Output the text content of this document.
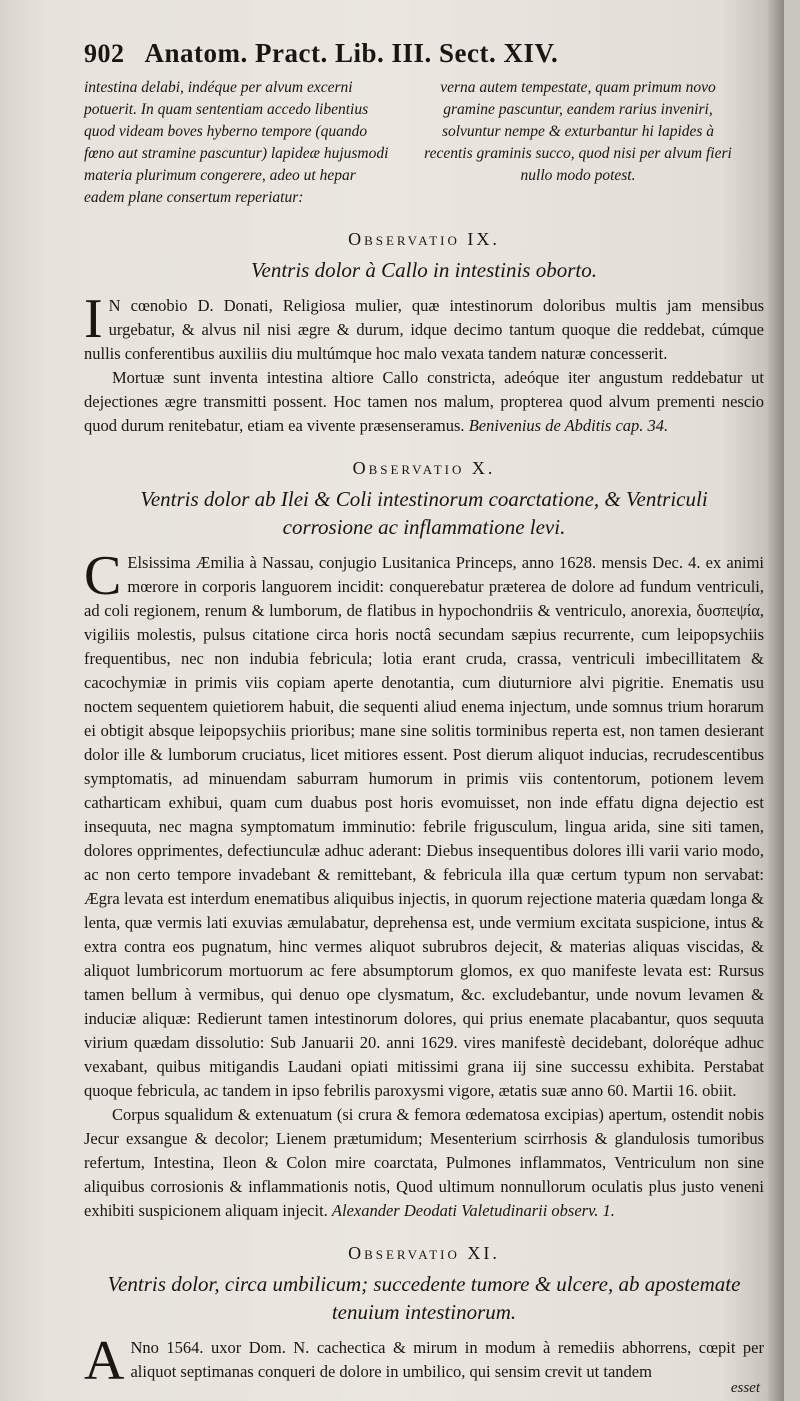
902 Anatom. Pract. Lib. III. Sect. XIV.
intestina delabi, indéque per alvum excerni potuerit. In quam sententiam accedo libentius quod videam boves hyberno tempore (quando fœno aut stramine pascuntur) lapideæ hujusmodi materia plurimum congerere, adeo ut hepar eadem plane consertum reperiatur:
verna autem tempestate, quam primum novo gramine pascuntur, eandem rarius inveniri, solvuntur nempe & exturbantur hi lapides à recentis graminis succo, quod nisi per alvum fieri nullo modo potest.
Observatio IX.
Ventris dolor à Callo in intestinis oborto.

I N cœnobio D. Donati, Religiosa mulier, quæ intestinorum doloribus multis jam mensibus urgebatur, & alvus nil nisi ægre & durum, idque decimo tantum quoque die reddebat, cúmque nullis conferentibus auxiliis diu multúmque hoc malo vexata tandem naturæ concesserit.

Mortuæ sunt inventa intestina altiore Callo constricta, adeóque iter angustum reddebatur ut dejectiones ægre transmitti possent. Hoc tamen nos malum, propterea quod alvum prementi nescio quod durum renitebatur, etiam ea vivente præsenseramus. Benivenius de Abditis cap. 34.

Observatio X.
Ventris dolor ab Ilei & Coli intestinorum coarctatione, & Ventriculi corrosione ac inflammatione levi.

C Elsissima Æmilia à Nassau, conjugio Lusitanica Princeps, anno 1628. mensis Dec. 4. ex animi mœrore in corporis languorem incidit: conquerebatur præterea de dolore ad fundum ventriculi, ad coli regionem, renum & lumborum, de flatibus in hypochondriis & ventriculo, anorexia, δυσπεψία, vigiliis molestis, pulsus citatione circa horis noctâ secundam sæpius recurrente, cum leipopsychiis frequentibus, nec non indubia febricula; lotia erant cruda, crassa, ventriculi imbecillitatem & cacochymiæ in primis viis copiam aperte denotantia, cum diuturniore alvi pigritie. Enematis usu noctem sequentem quietiorem habuit, die sequenti aliud enema injectum, unde somnus trium horarum ei obtigit absque leipopsychiis prioribus; mane sine solitis torminibus reperta est, non tamen desierant dolor ille & lumborum cruciatus, licet mitiores essent. Post dierum aliquot inducias, recrudescentibus symptomatis, ad minuendam saburram humorum in primis viis contentorum, potionem levem catharticam exhibui, quam cum duabus post horis evomuisset, non inde effatu digna dejectio est insequuta, nec magna symptomatum imminutio: febrile frigusculum, lingua arida, sine siti tamen, dolores opprimentes, defectiunculæ adhuc aderant: Diebus insequentibus dolores illi varii vario modo, ac non certo tempore invadebant & remittebant, & febricula illa quæ certum typum non servabat: Ægra levata est interdum enematibus aliquibus injectis, in quorum rejectione materia quædam longa & lenta, quæ vermis lati exuvias æmulabatur, deprehensa est, unde vermium excitata suspicione, intus & extra contra eos pugnatum, hinc vermes aliquot subrubros dejecit, & materias aliquas viscidas, & aliquot lumbricorum mortuorum ac fere absumptorum glomos, ex quo manifeste levata est: Rursus tamen bellum à vermibus, qui denuo ope clysmatum, &c. excludebantur, unde novum levamen & induciæ aliquæ: Redierunt tamen intestinorum dolores, qui prius enemate placabantur, quos sequuta virium quædam dissolutio: Sub Januarii 20. anni 1629. vires manifestè decidebant, doloréque adhuc vexabant, quibus mitigandis Laudani opiati mitissimi grana iij sine successu exhibita. Perstabat quoque febricula, ac tandem in ipso febrilis paroxysmi vigore, ætatis suæ anno 60. Martii 16. obiit.

Corpus squalidum & extenuatum (si crura & femora œdematosa excipias) apertum, ostendit nobis Jecur exsangue & decolor; Lienem prætumidum; Mesenterium scirrhosis & glandulosis tumoribus refertum, Intestina, Ileon & Colon mire coarctata, Pulmones inflammatos, Ventriculum non sine aliquibus corrosionis & inflammationis notis, Quod ultimum nonnullorum oculatis plus justo veneni exhibiti suspicionem aliquam injecit. Alexander Deodati Valetudinarii observ. 1.

Observatio XI.
Ventris dolor, circa umbilicum; succedente tumore & ulcere, ab apostemate tenuium intestinorum.

A Nno 1564. uxor Dom. N. cachectica & mirum in modum à remediis abhorrens, cœpit per aliquot septimanas conqueri de dolore in umbilico, qui sensim crevit ut tandem

esset
